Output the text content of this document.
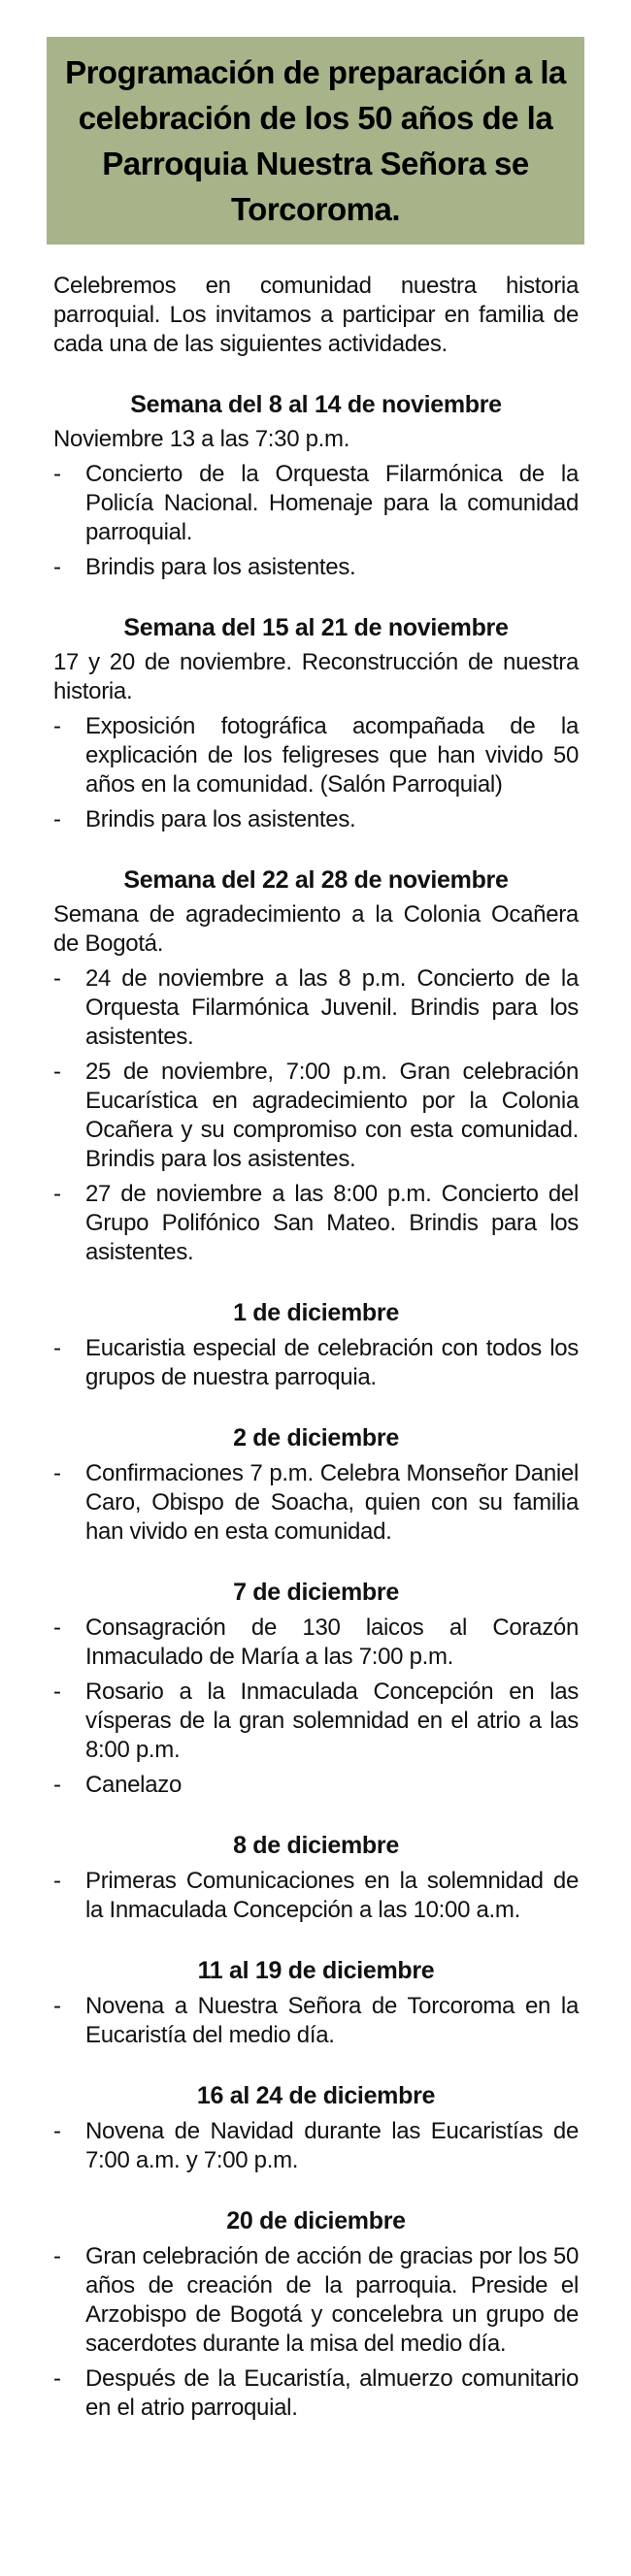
Programación de preparación a la
celebración de los 50 años de la
Parroquia Nuestra Señora se
Torcoroma.

Celebremos en comunidad nuestra historia parroquial. Los invitamos a participar en familia de cada una de las siguientes actividades.

Semana del 8 al 14 de noviembre

Noviembre 13 a las 7:30 p.m.

-	Concierto de la Orquesta Filarmónica de la Policía Nacional. Homenaje para la comunidad parroquial.
-	Brindis para los asistentes.
Semana del 15 al 21 de noviembre

17 y 20 de noviembre. Reconstrucción de nuestra historia.

-	Exposición fotográfica acompañada de la explicación de los feligreses que han vivido 50 años en la comunidad. (Salón Parroquial)
-	Brindis para los asistentes.
Semana del 22 al 28 de noviembre

Semana de agradecimiento a la Colonia Ocañera de Bogotá.

-	24 de noviembre a las 8 p.m. Concierto de la Orquesta Filarmónica Juvenil. Brindis para los asistentes.
-	25 de noviembre, 7:00 p.m. Gran celebración Eucarística en agradecimiento por la Colonia Ocañera y su compromiso con esta comunidad. Brindis para los asistentes.
-	27 de noviembre a las 8:00 p.m. Concierto del Grupo Polifónico San Mateo. Brindis para los asistentes.
1 de diciembre
-	Eucaristia especial de celebración con todos los grupos de nuestra parroquia.
2 de diciembre
-	Confirmaciones 7 p.m. Celebra Monseñor Daniel Caro, Obispo de Soacha, quien con su familia han vivido en esta comunidad.
7 de diciembre
-	Consagración de 130 laicos al Corazón Inmaculado de María a las 7:00 p.m.
-	Rosario a la Inmaculada Concepción en las vísperas de la gran solemnidad en el atrio a las 8:00 p.m.
-	Canelazo
8 de diciembre
-	Primeras Comunicaciones en la solemnidad de la Inmaculada Concepción a las 10:00 a.m.
11 al 19 de diciembre
-	Novena a Nuestra Señora de Torcoroma en la Eucaristía del medio día.
16 al 24 de diciembre
-	Novena de Navidad durante las Eucaristías de 7:00 a.m. y 7:00 p.m.
20 de diciembre
-	Gran celebración de acción de gracias por los 50 años de creación de la parroquia. Preside el Arzobispo de Bogotá y concelebra un grupo de sacerdotes durante la misa del medio día.
-	Después de la Eucaristía, almuerzo comunitario en el atrio parroquial.
